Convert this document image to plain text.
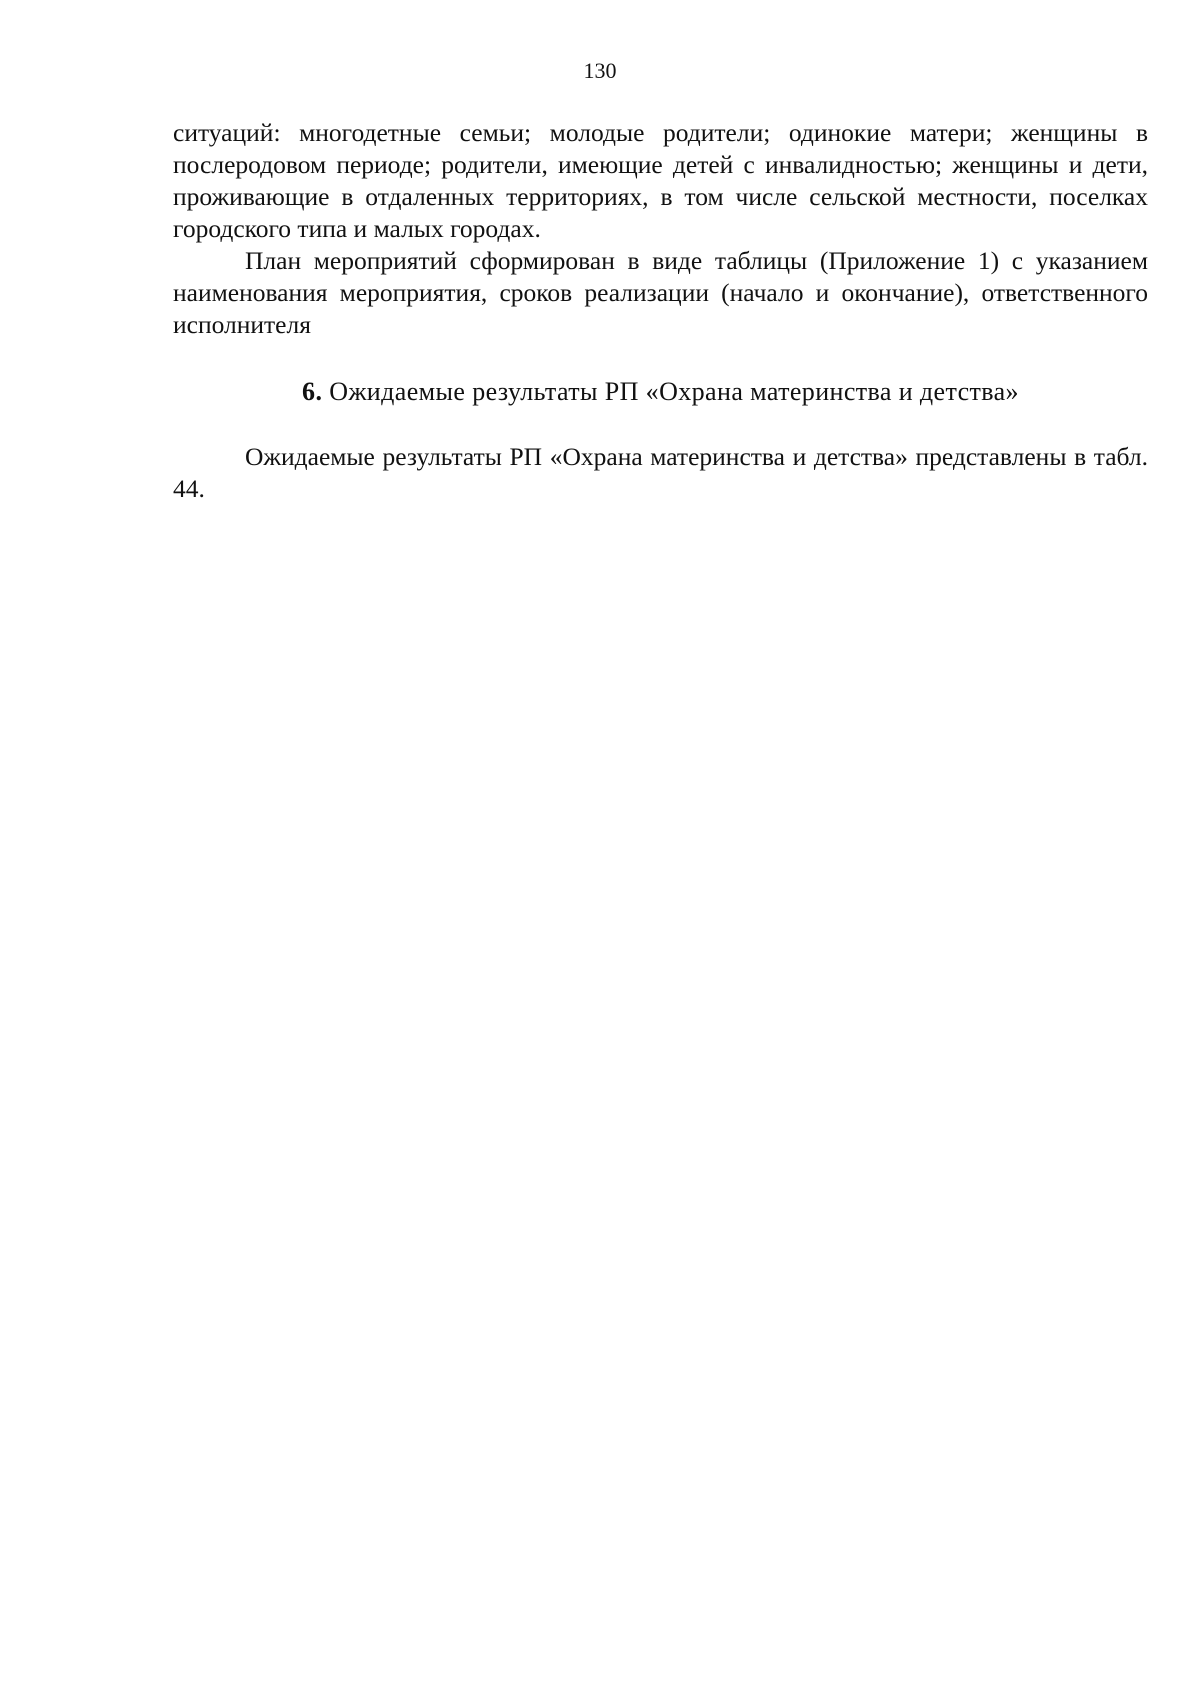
130

ситуаций: многодетные семьи; молодые родители; одинокие матери; женщины в послеродовом периоде; родители, имеющие детей с инвалидностью; женщины и дети, проживающие в отдаленных территориях, в том числе сельской местности, поселках городского типа и малых городах.

План мероприятий сформирован в виде таблицы (Приложение 1) с указанием наименования мероприятия, сроков реализации (начало и окончание), ответственного исполнителя

6. Ожидаемые результаты РП «Охрана материнства и детства»

Ожидаемые результаты РП «Охрана материнства и детства» представлены в табл. 44.
